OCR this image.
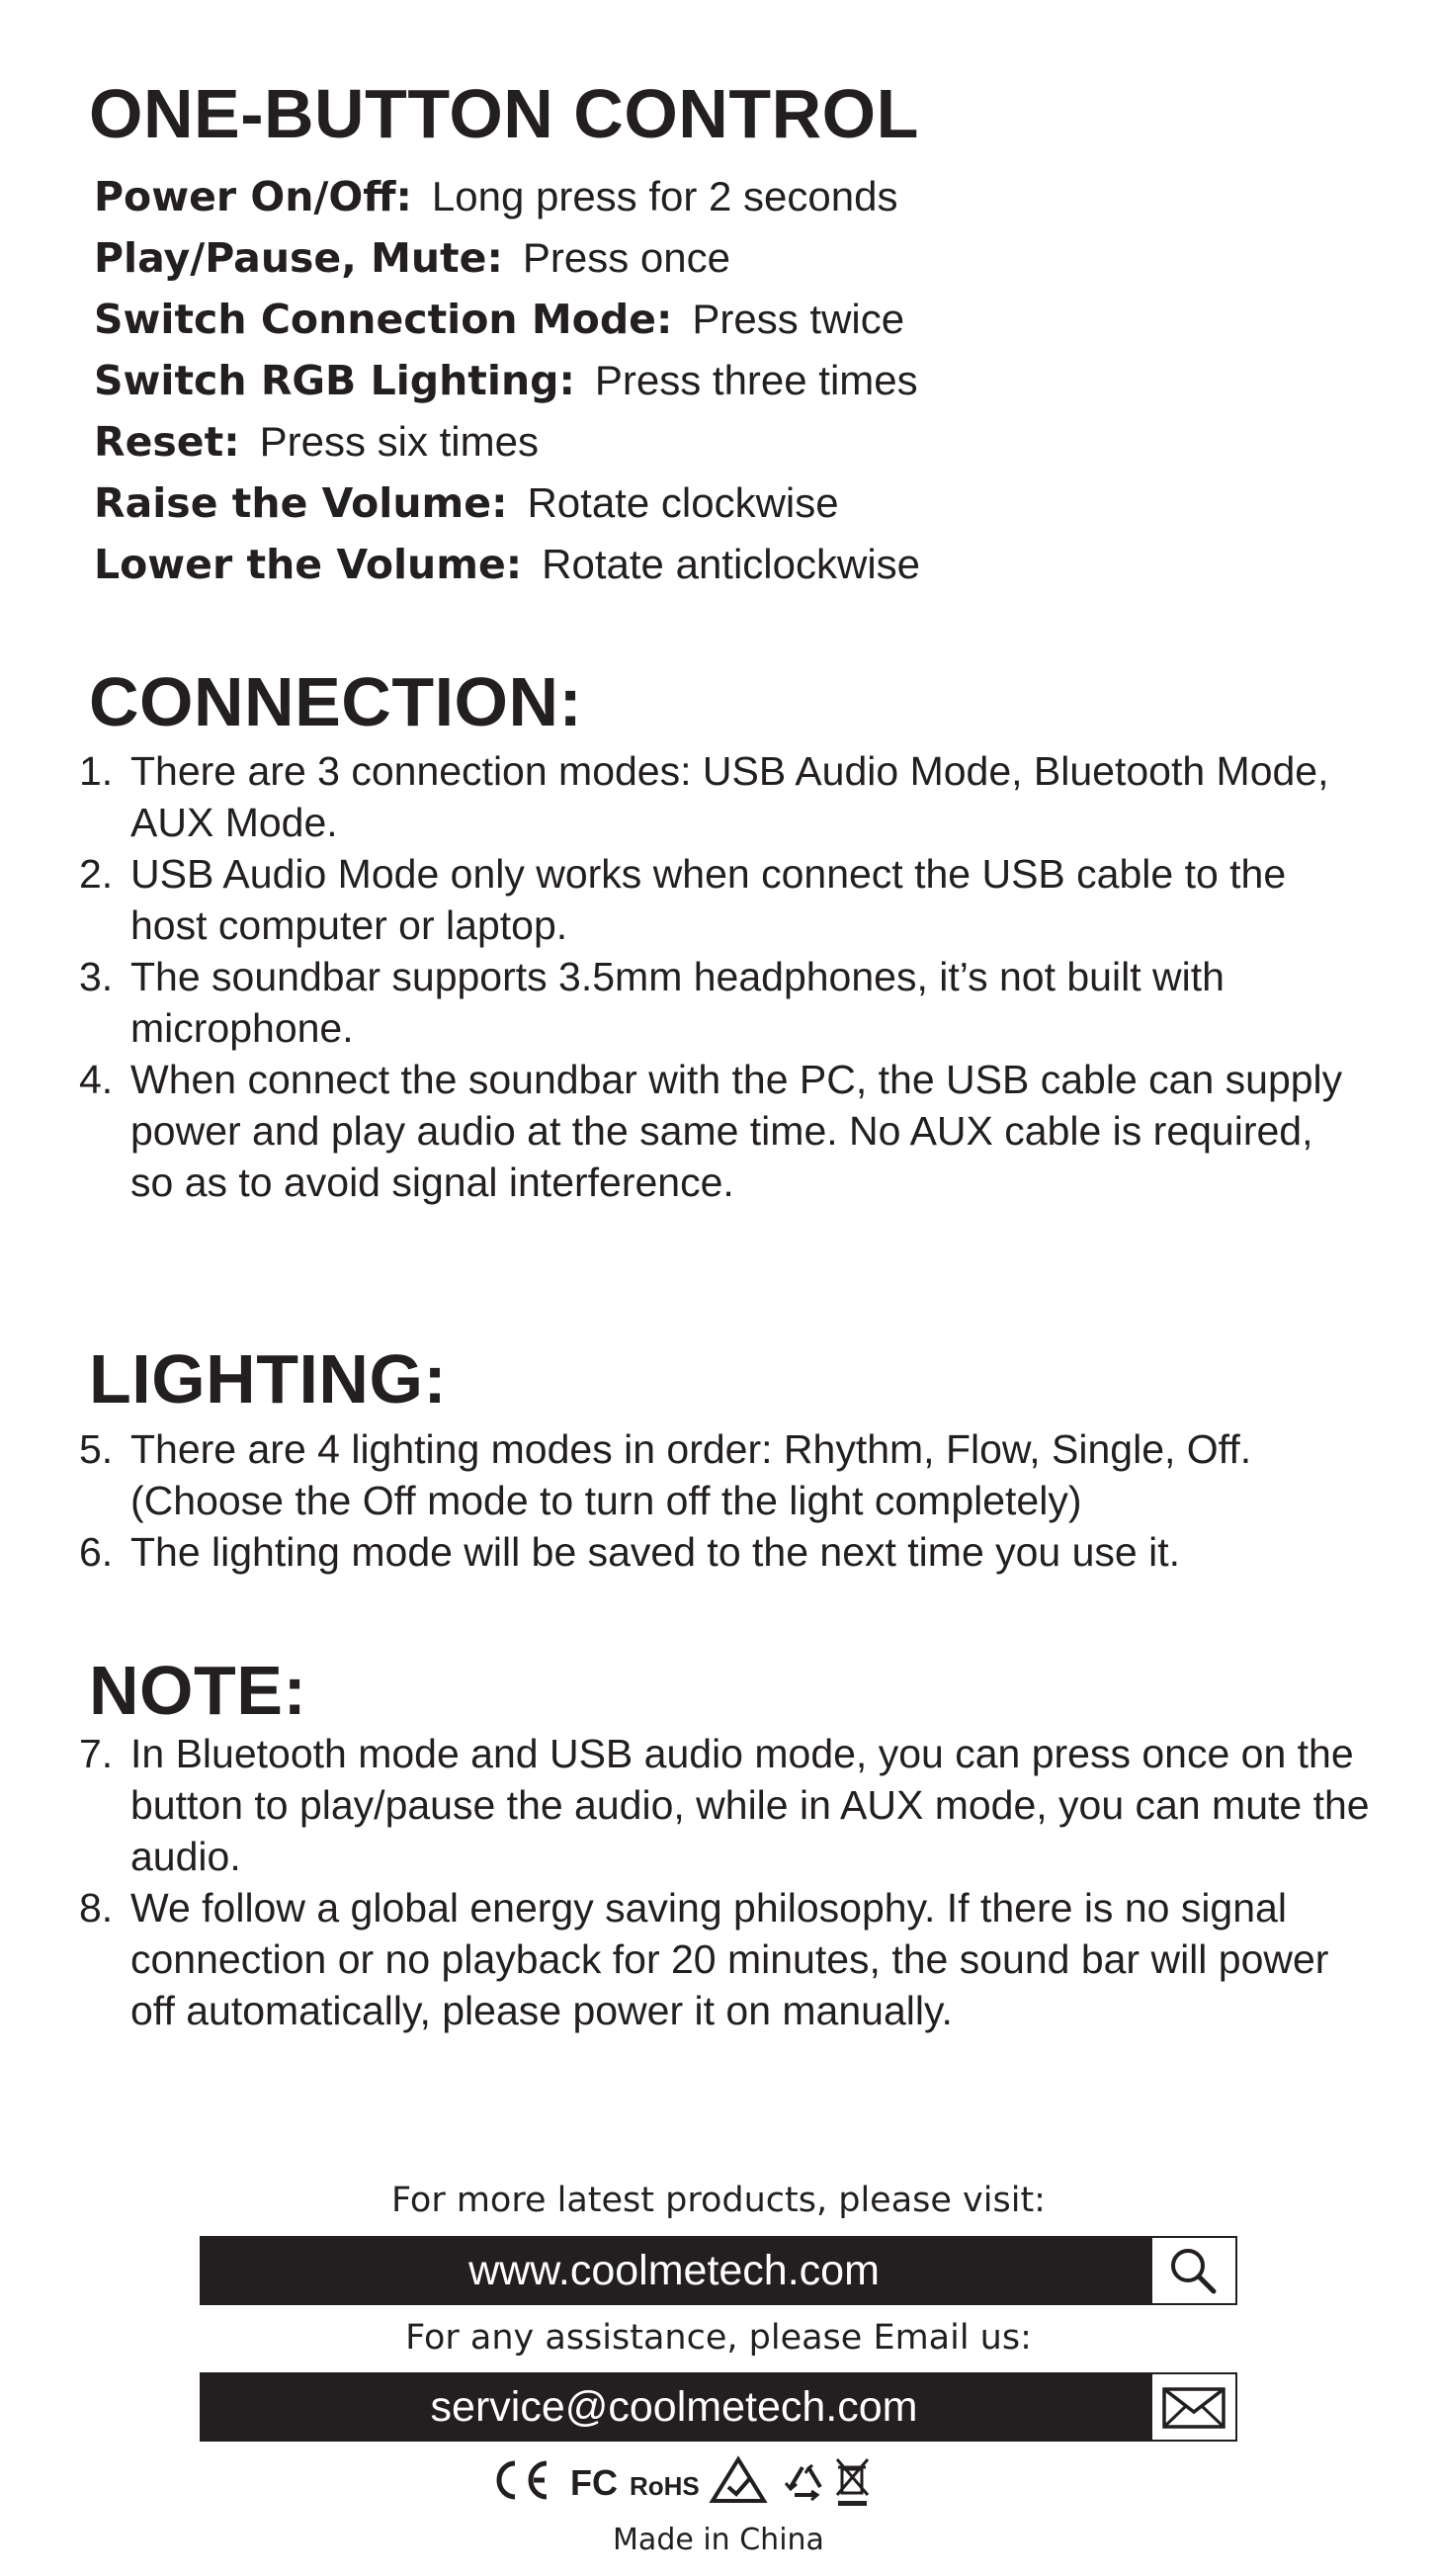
ONE-BUTTON CONTROL
Power On/Off: Long press for 2 seconds
Play/Pause, Mute: Press once
Switch Connection Mode: Press twice
Switch RGB Lighting: Press three times
Reset: Press six times
Raise the Volume: Rotate clockwise
Lower the Volume: Rotate anticlockwise
CONNECTION:
1. There are 3 connection modes: USB Audio Mode, Bluetooth Mode, AUX Mode.
2. USB Audio Mode only works when connect the USB cable to the host computer or laptop.
3. The soundbar supports 3.5mm headphones, it’s not built with microphone.
4. When connect the soundbar with the PC, the USB cable can supply power and play audio at the same time. No AUX cable is required, so as to avoid signal interference.
LIGHTING:
5. There are 4 lighting modes in order: Rhythm, Flow, Single, Off. (Choose the Off mode to turn off the light completely)
6. The lighting mode will be saved to the next time you use it.
NOTE:
7. In Bluetooth mode and USB audio mode, you can press once on the button to play/pause the audio, while in AUX mode, you can mute the audio.
8. We follow a global energy saving philosophy. If there is no signal connection or no playback for 20 minutes, the sound bar will power off automatically, please power it on manually.
For more latest products, please visit:
www.coolmetech.com
For any assistance, please Email us:
service@coolmetech.com
FC RoHS
Made in China
